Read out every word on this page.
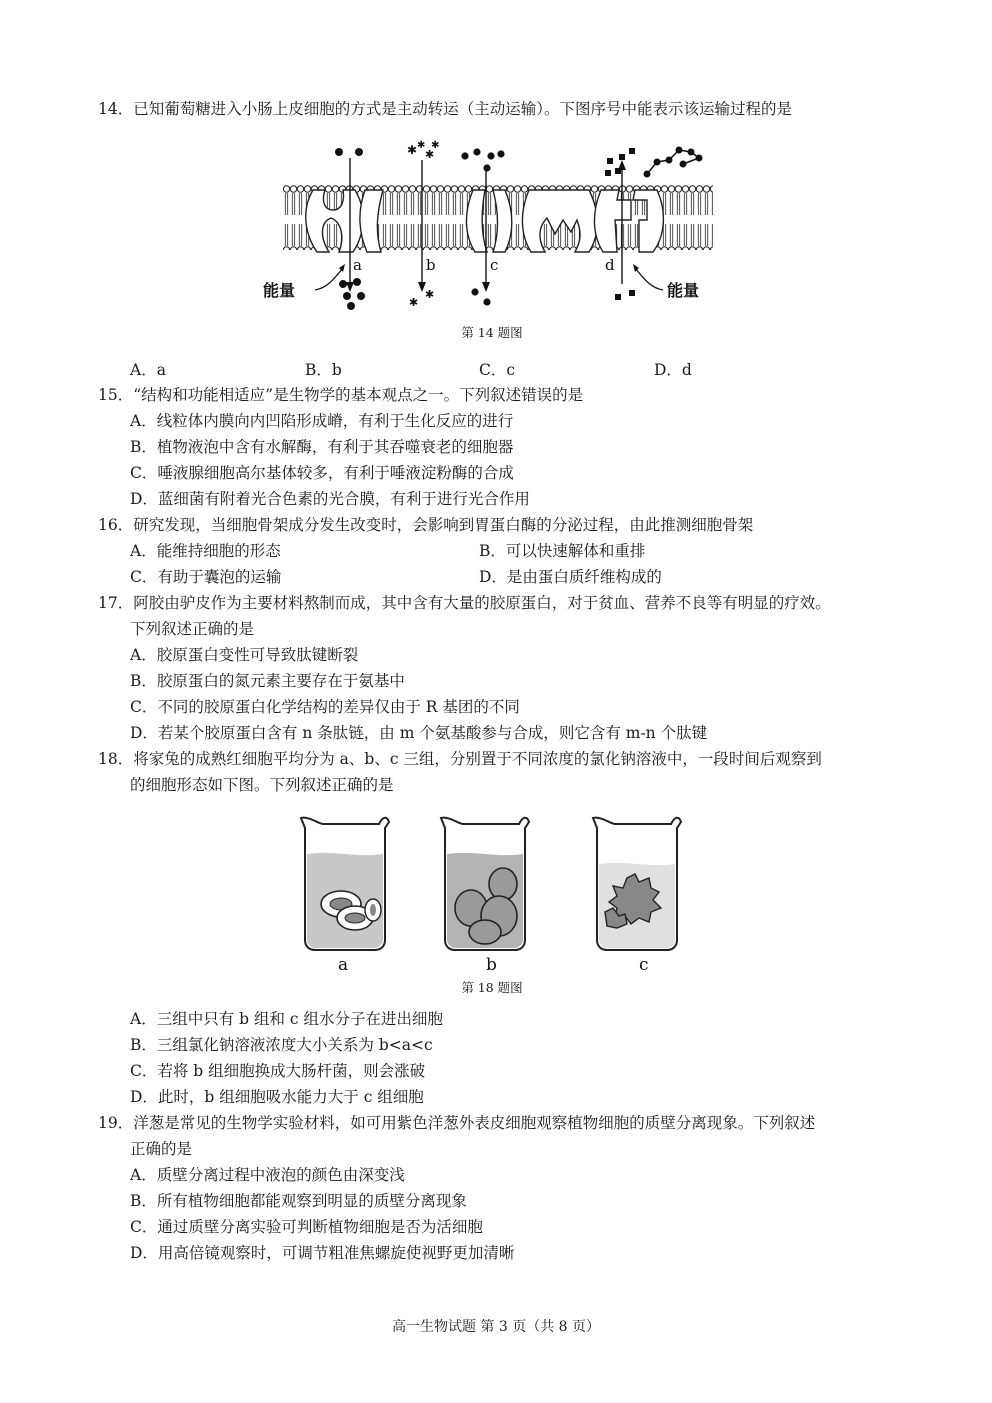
14．已知葡萄糖进入小肠上皮细胞的方式是主动转运（主动运输）。下图序号中能表示该运输过程的是
✱ ✱
✱
✱
✱
✱
a	b	c	d
能量	能量
第 14 题图
A．a	B．b	C．c	D．d
15．“结构和功能相适应”是生物学的基本观点之一。下列叙述错误的是
A．线粒体内膜向内凹陷形成嵴，有利于生化反应的进行
B．植物液泡中含有水解酶，有利于其吞噬衰老的细胞器
C．唾液腺细胞高尔基体较多，有利于唾液淀粉酶的合成
D．蓝细菌有附着光合色素的光合膜，有利于进行光合作用
16．研究发现，当细胞骨架成分发生改变时，会影响到胃蛋白酶的分泌过程，由此推测细胞骨架
A．能维持细胞的形态	B．可以快速解体和重排
C．有助于囊泡的运输	D．是由蛋白质纤维构成的
17．阿胶由驴皮作为主要材料熬制而成，其中含有大量的胶原蛋白，对于贫血、营养不良等有明显的疗效。
下列叙述正确的是
A．胶原蛋白变性可导致肽键断裂
B．胶原蛋白的氮元素主要存在于氨基中
C．不同的胶原蛋白化学结构的差异仅由于 R 基团的不同
D．若某个胶原蛋白含有 n 条肽链，由 m 个氨基酸参与合成，则它含有 m-n 个肽键
18．将家兔的成熟红细胞平均分为 a、b、c 三组，分别置于不同浓度的氯化钠溶液中，一段时间后观察到
的细胞形态如下图。下列叙述正确的是
a	b	c
第 18 题图
A．三组中只有 b 组和 c 组水分子在进出细胞
B．三组氯化钠溶液浓度大小关系为 b<a<c
C．若将 b 组细胞换成大肠杆菌，则会涨破
D．此时，b 组细胞吸水能力大于 c 组细胞
19．洋葱是常见的生物学实验材料，如可用紫色洋葱外表皮细胞观察植物细胞的质壁分离现象。下列叙述
正确的是
A．质壁分离过程中液泡的颜色由深变浅
B．所有植物细胞都能观察到明显的质壁分离现象
C．通过质壁分离实验可判断植物细胞是否为活细胞
D．用高倍镜观察时，可调节粗准焦螺旋使视野更加清晰
高一生物试题 第 3 页（共 8 页）
